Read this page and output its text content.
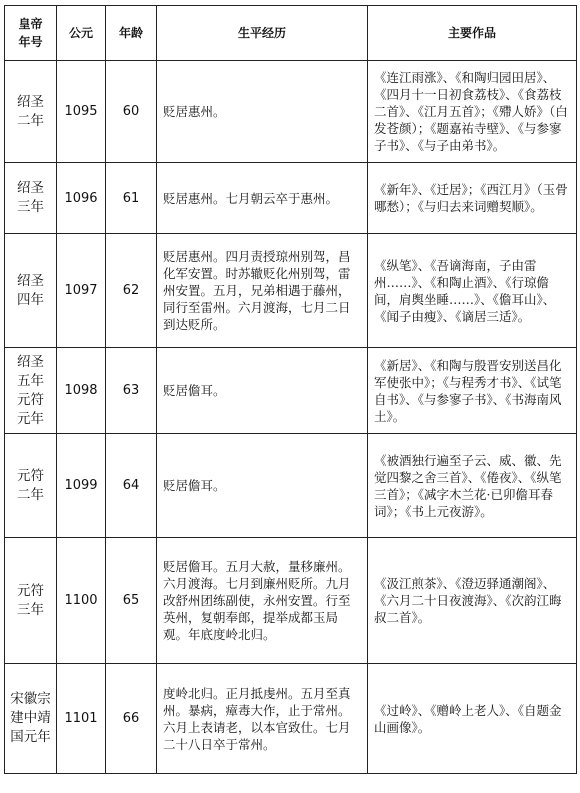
皇帝
年号	公元	年龄	生平经历	主要作品

绍圣
二年	1095	60	贬居惠州。	《连江雨涨》、《和陶归园田居》、《四月十一日初食荔枝》、《食荔枝二首》、《江月五首》；《殢人娇》（白发苍颜）；《题嘉祐寺壁》、《与参寥子书》、《与子由弟书》。

绍圣
三年	1096	61	贬居惠州。七月朝云卒于惠州。	《新年》、《迁居》；《西江月》（玉骨哪愁）；《与归去来词赠契顺》。

绍圣
四年	1097	62	贬居惠州。四月责授琼州别驾，昌化军安置。时苏辙贬化州别驾，雷州安置。五月，兄弟相遇于藤州，同行至雷州。六月渡海，七月二日到达贬所。	《纵笔》、《吾谪海南，子由雷州……》、《和陶止酒》、《行琼儋间，肩舆坐睡……》、《儋耳山》、《闻子由瘦》、《谪居三适》。

绍圣
五年
元符
元年	1098	63	贬居儋耳。	《新居》、《和陶与殷晋安别送昌化军使张中》；《与程秀才书》、《试笔自书》、《与参寥子书》、《书海南风土》。

元符
二年	1099	64	贬居儋耳。	《被酒独行遍至子云、威、徽、先觉四黎之舍三首》、《倦夜》、《纵笔三首》；《减字木兰花·已卯儋耳春词》；《书上元夜游》。

元符
三年	1100	65	贬居儋耳。五月大赦，量移廉州。六月渡海。七月到廉州贬所。九月改舒州团练副使，永州安置。行至英州，复朝奉郎，提举成都玉局观。年底度岭北归。	《汲江煎茶》、《澄迈驿通潮阁》、《六月二十日夜渡海》、《次韵江晦叔二首》。

宋徽宗
建中靖
国元年	1101	66	度岭北归。正月抵虔州。五月至真州。暴病，瘴毒大作，止于常州。六月上表请老，以本官致仕。七月二十八日卒于常州。	《过岭》、《赠岭上老人》、《自题金山画像》。
